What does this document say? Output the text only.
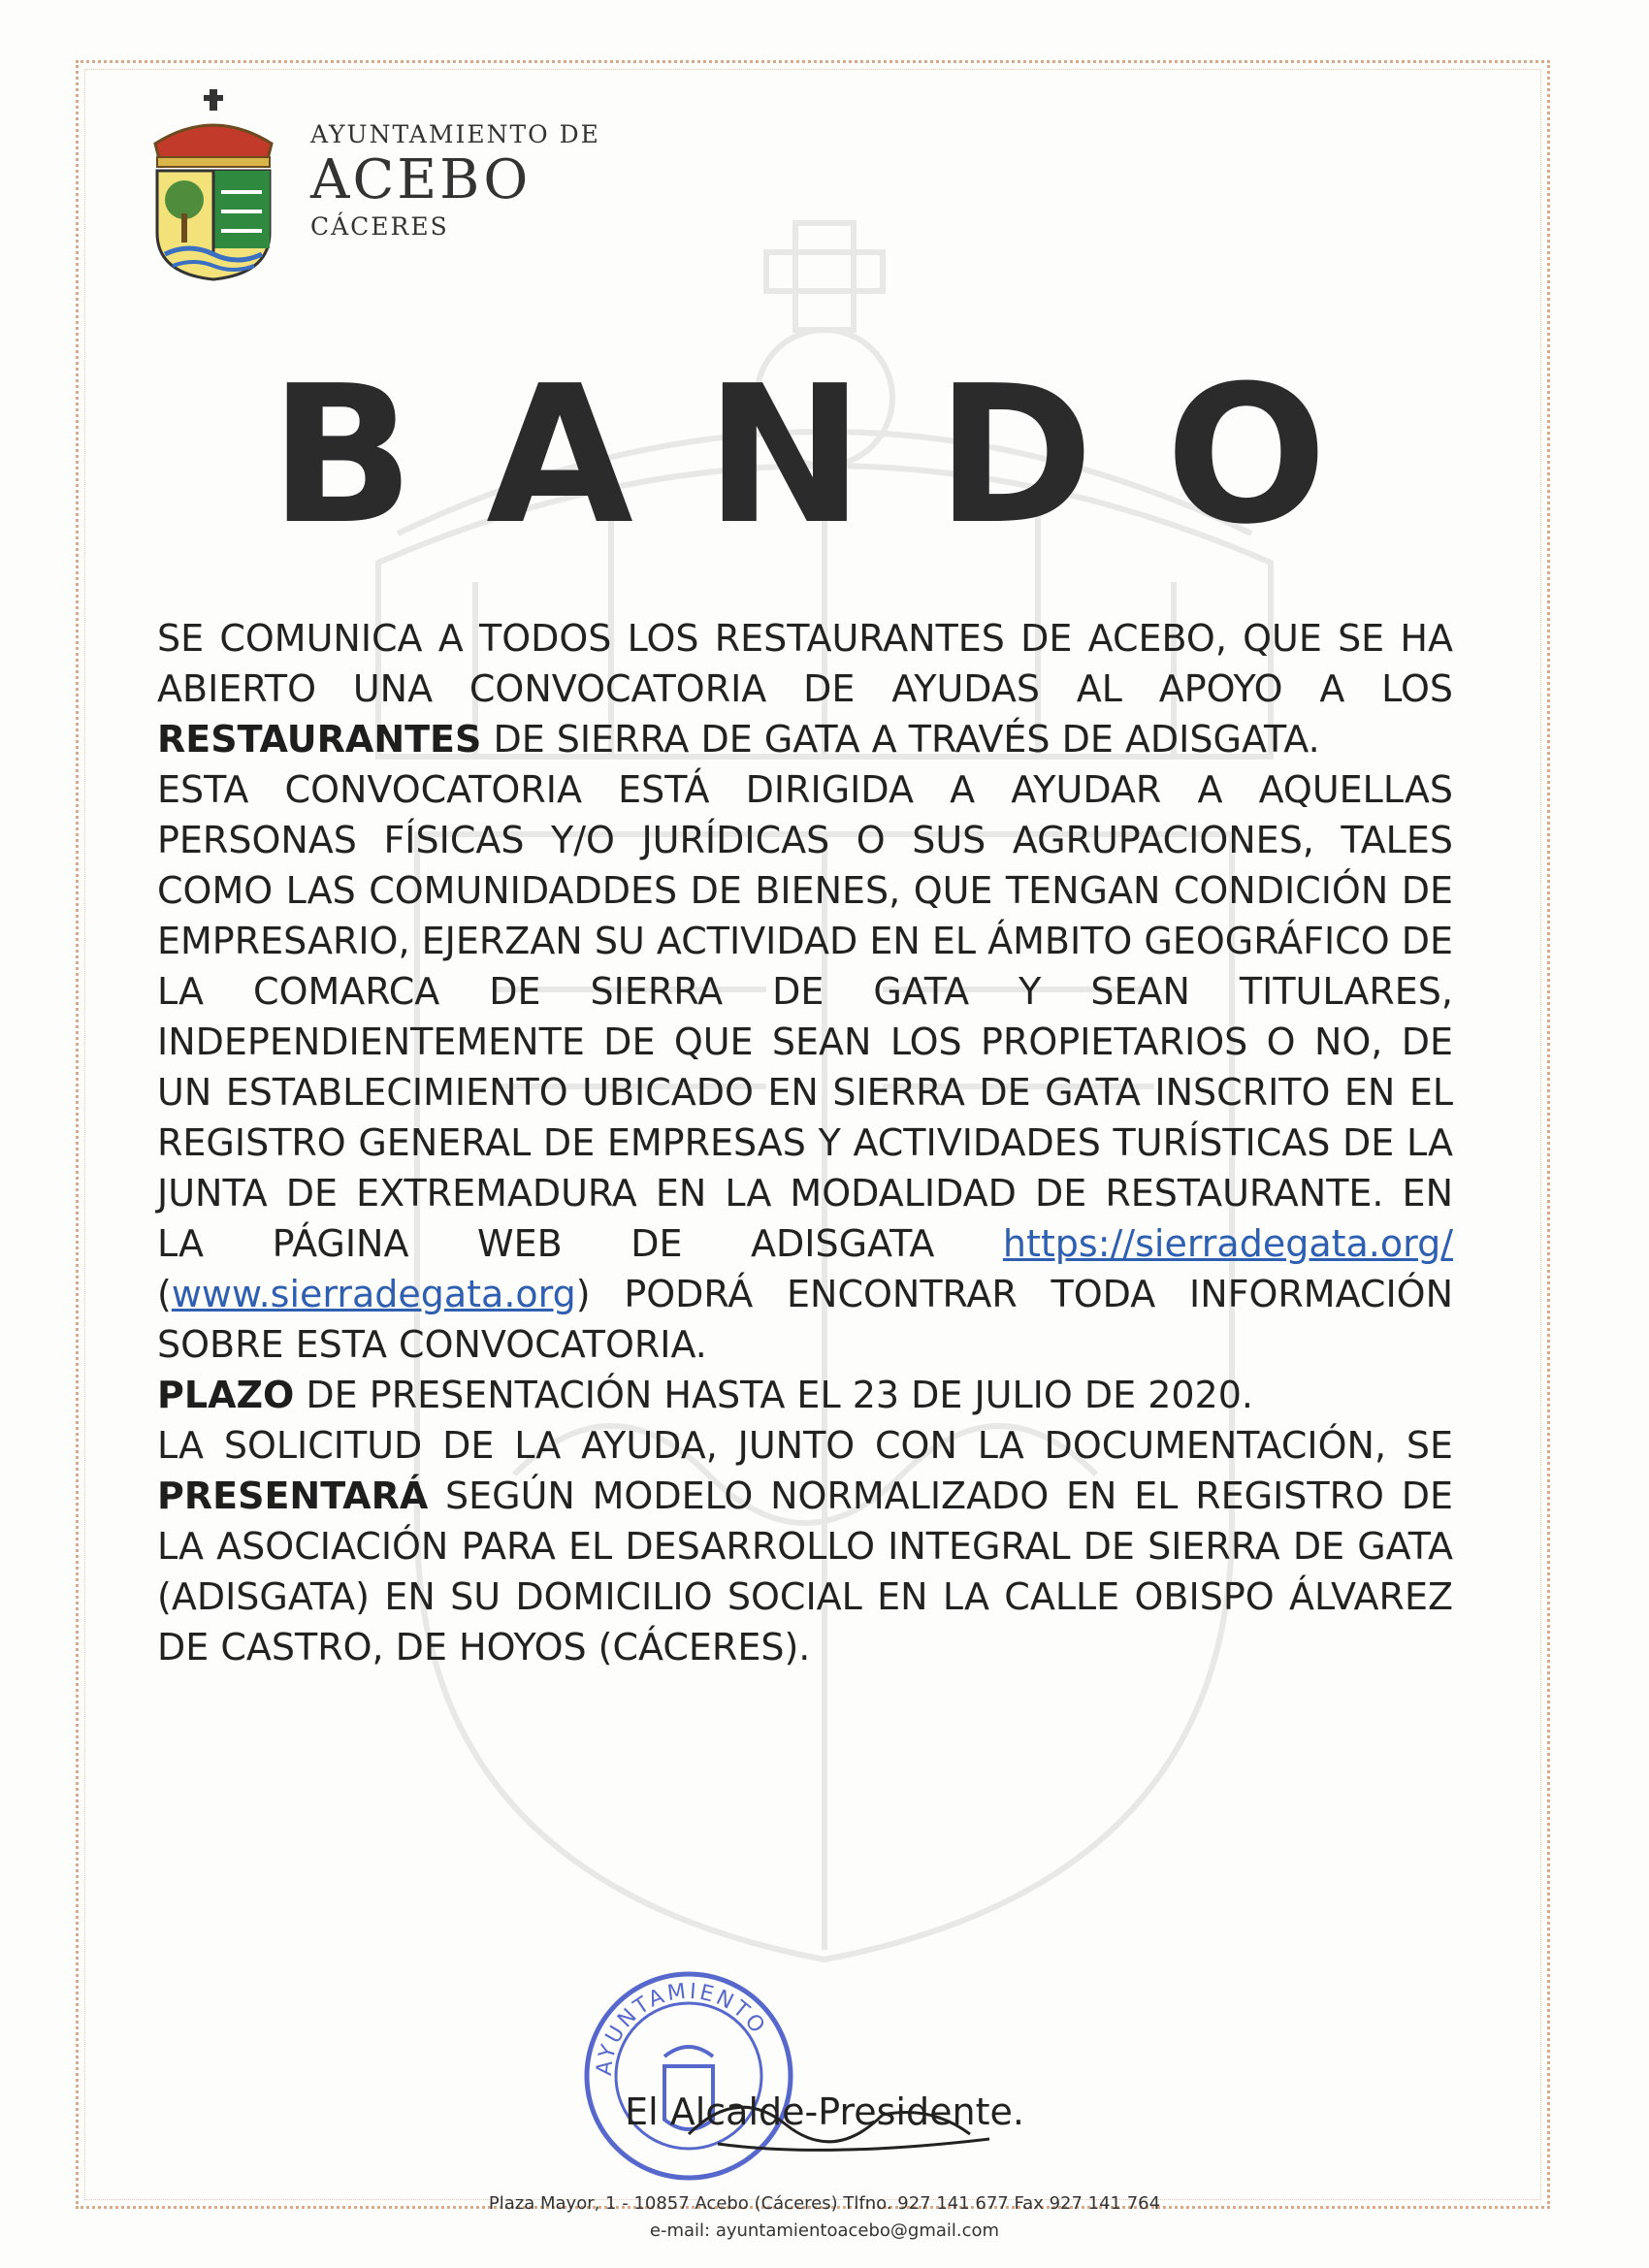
AYUNTAMIENTO DE
ACEBO
CÁCERES
BANDO

SE COMUNICA A TODOS LOS RESTAURANTES DE ACEBO, QUE SE HA ABIERTO UNA CONVOCATORIA DE AYUDAS AL APOYO A LOS RESTAURANTES DE SIERRA DE GATA A TRAVÉS DE ADISGATA.

ESTA CONVOCATORIA ESTÁ DIRIGIDA A AYUDAR A AQUELLAS PERSONAS FÍSICAS Y/O JURÍDICAS O SUS AGRUPACIONES, TALES COMO LAS COMUNIDADDES DE BIENES, QUE TENGAN CONDICIÓN DE EMPRESARIO, EJERZAN SU ACTIVIDAD EN EL ÁMBITO GEOGRÁFICO DE LA COMARCA DE SIERRA DE GATA Y SEAN TITULARES, INDEPENDIENTEMENTE DE QUE SEAN LOS PROPIETARIOS O NO, DE UN ESTABLECIMIENTO UBICADO EN SIERRA DE GATA INSCRITO EN EL REGISTRO GENERAL DE EMPRESAS Y ACTIVIDADES TURÍSTICAS DE LA JUNTA DE EXTREMADURA EN LA MODALIDAD DE RESTAURANTE. EN LA PÁGINA WEB DE ADISGATA https://sierradegata.org/ (www.sierradegata.org) PODRÁ ENCONTRAR TODA INFORMACIÓN SOBRE ESTA CONVOCATORIA.

PLAZO DE PRESENTACIÓN HASTA EL 23 DE JULIO DE 2020.

LA SOLICITUD DE LA AYUDA, JUNTO CON LA DOCUMENTACIÓN, SE PRESENTARÁ SEGÚN MODELO NORMALIZADO EN EL REGISTRO DE LA ASOCIACIÓN PARA EL DESARROLLO INTEGRAL DE SIERRA DE GATA (ADISGATA) EN SU DOMICILIO SOCIAL EN LA CALLE OBISPO ÁLVAREZ DE CASTRO, DE HOYOS (CÁCERES).

AYUNTAMIENTO
El Alcalde-Presidente.
Plaza Mayor, 1 - 10857 Acebo (Cáceres) Tlfno. 927 141 677 Fax 927 141 764
e-mail: ayuntamientoacebo@gmail.com
